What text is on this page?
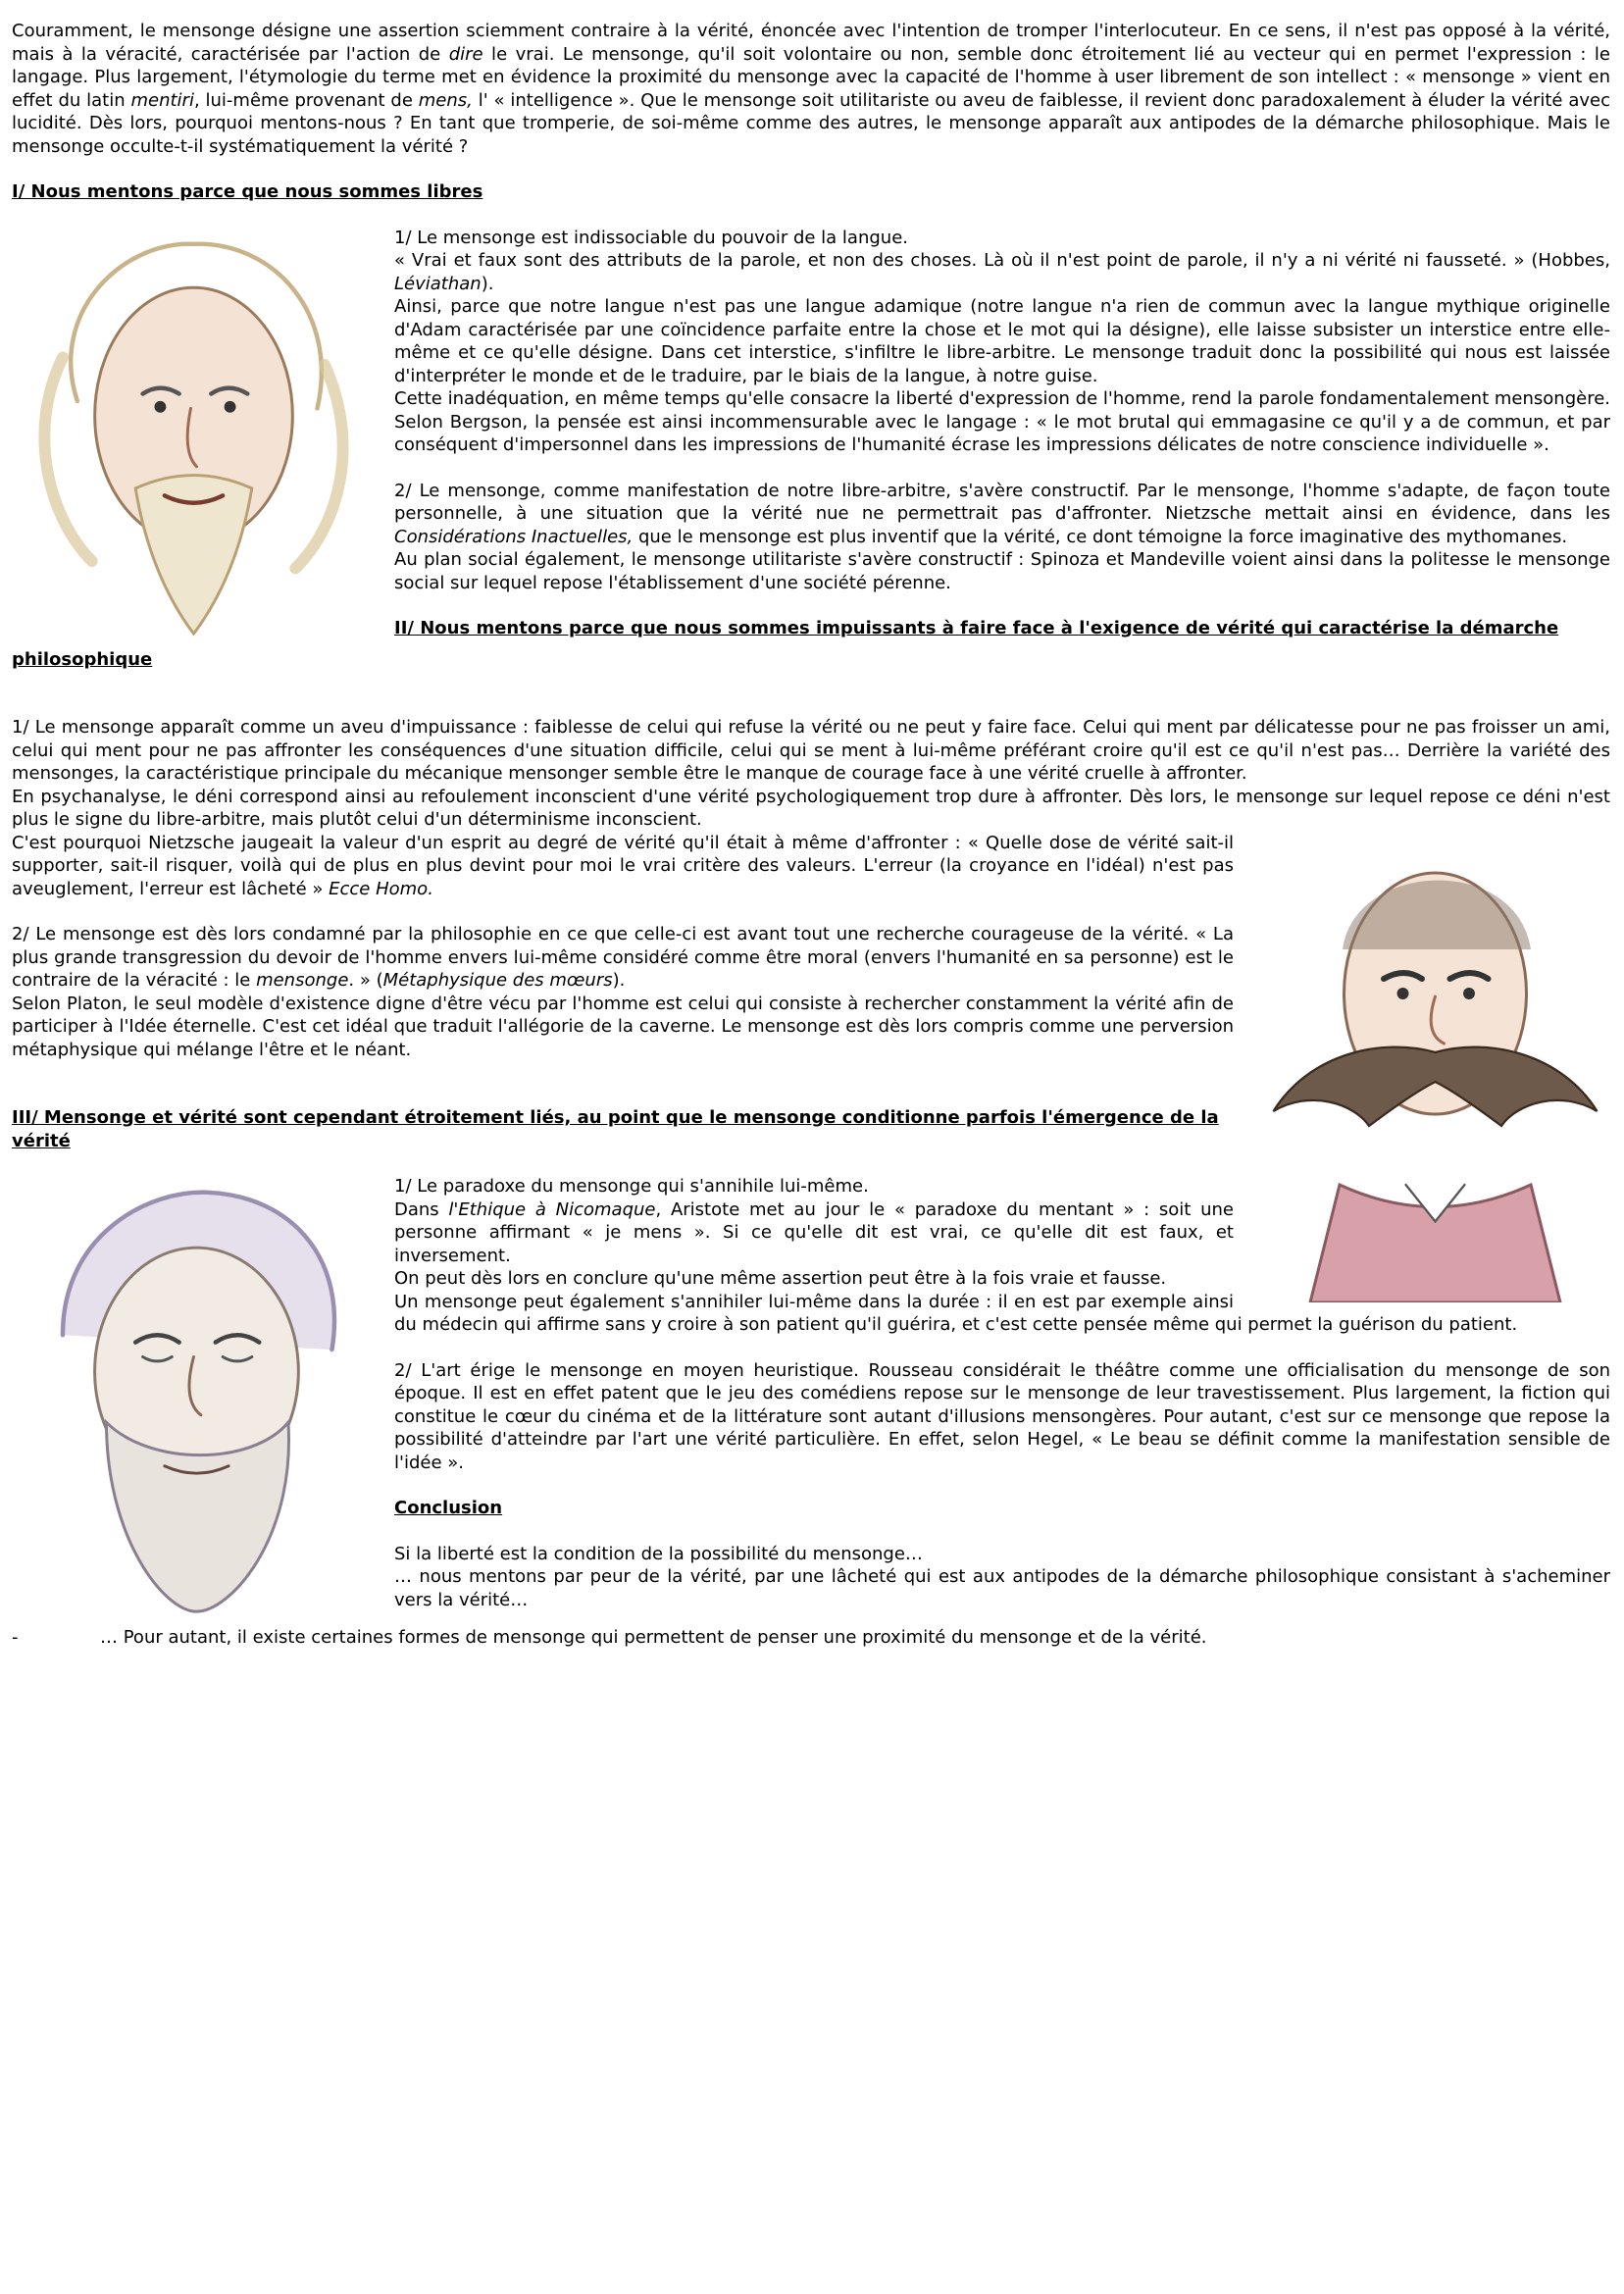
Couramment, le mensonge désigne une assertion sciemment contraire à la vérité, énoncée avec l'intention de tromper l'interlocuteur. En ce sens, il n'est pas opposé à la vérité, mais à la véracité, caractérisée par l'action de dire le vrai. Le mensonge, qu'il soit volontaire ou non, semble donc étroitement lié au vecteur qui en permet l'expression : le langage. Plus largement, l'étymologie du terme met en évidence la proximité du mensonge avec la capacité de l'homme à user librement de son intellect : « mensonge » vient en effet du latin mentiri, lui-même provenant de mens, l' « intelligence ». Que le mensonge soit utilitariste ou aveu de faiblesse, il revient donc paradoxalement à éluder la vérité avec lucidité. Dès lors, pourquoi mentons-nous ? En tant que tromperie, de soi-même comme des autres, le mensonge apparaît aux antipodes de la démarche philosophique. Mais le mensonge occulte-t-il systématiquement la vérité ?

I/ Nous mentons parce que nous sommes libres

1/ Le mensonge est indissociable du pouvoir de la langue.

« Vrai et faux sont des attributs de la parole, et non des choses. Là où il n'est point de parole, il n'y a ni vérité ni fausseté. » (Hobbes, Léviathan).

Ainsi, parce que notre langue n'est pas une langue adamique (notre langue n'a rien de commun avec la langue mythique originelle d'Adam caractérisée par une coïncidence parfaite entre la chose et le mot qui la désigne), elle laisse subsister un interstice entre elle-même et ce qu'elle désigne. Dans cet interstice, s'infiltre le libre-arbitre. Le mensonge traduit donc la possibilité qui nous est laissée d'interpréter le monde et de le traduire, par le biais de la langue, à notre guise.

Cette inadéquation, en même temps qu'elle consacre la liberté d'expression de l'homme, rend la parole fondamentalement mensongère. Selon Bergson, la pensée est ainsi incommensurable avec le langage : « le mot brutal qui emmagasine ce qu'il y a de commun, et par conséquent d'impersonnel dans les impressions de l'humanité écrase les impressions délicates de notre conscience individuelle ».

2/ Le mensonge, comme manifestation de notre libre-arbitre, s'avère constructif. Par le mensonge, l'homme s'adapte, de façon toute personnelle, à une situation que la vérité nue ne permettrait pas d'affronter. Nietzsche mettait ainsi en évidence, dans les Considérations Inactuelles, que le mensonge est plus inventif que la vérité, ce dont témoigne la force imaginative des mythomanes.

Au plan social également, le mensonge utilitariste s'avère constructif : Spinoza et Mandeville voient ainsi dans la politesse le mensonge social sur lequel repose l'établissement d'une société pérenne.

II/ Nous mentons parce que nous sommes impuissants à faire face à l'exigence de vérité qui caractérise la démarche

philosophique

1/ Le mensonge apparaît comme un aveu d'impuissance : faiblesse de celui qui refuse la vérité ou ne peut y faire face. Celui qui ment par délicatesse pour ne pas froisser un ami, celui qui ment pour ne pas affronter les conséquences d'une situation difficile, celui qui se ment à lui-même préférant croire qu'il est ce qu'il n'est pas… Derrière la variété des mensonges, la caractéristique principale du mécanique mensonger semble être le manque de courage face à une vérité cruelle à affronter.

En psychanalyse, le déni correspond ainsi au refoulement inconscient d'une vérité psychologiquement trop dure à affronter. Dès lors, le mensonge sur lequel repose ce déni n'est plus le signe du libre-arbitre, mais plutôt celui d'un déterminisme inconscient.

C'est pourquoi Nietzsche jaugeait la valeur d'un esprit au degré de vérité qu'il était à même d'affronter : « Quelle dose de vérité sait-il supporter, sait-il risquer, voilà qui de plus en plus devint pour moi le vrai critère des valeurs. L'erreur (la croyance en l'idéal) n'est pas aveuglement, l'erreur est lâcheté » Ecce Homo.

2/ Le mensonge est dès lors condamné par la philosophie en ce que celle-ci est avant tout une recherche courageuse de la vérité. « La plus grande transgression du devoir de l'homme envers lui-même considéré comme être moral (envers l'humanité en sa personne) est le contraire de la véracité : le mensonge. » (Métaphysique des mœurs).

Selon Platon, le seul modèle d'existence digne d'être vécu par l'homme est celui qui consiste à rechercher constamment la vérité afin de participer à l'Idée éternelle. C'est cet idéal que traduit l'allégorie de la caverne. Le mensonge est dès lors compris comme une perversion métaphysique qui mélange l'être et le néant.

III/ Mensonge et vérité sont cependant étroitement liés, au point que le mensonge conditionne parfois l'émergence de la vérité

1/ Le paradoxe du mensonge qui s'annihile lui-même.

Dans l'Ethique à Nicomaque, Aristote met au jour le « paradoxe du mentant » : soit une personne affirmant « je mens ». Si ce qu'elle dit est vrai, ce qu'elle dit est faux, et inversement.

On peut dès lors en conclure qu'une même assertion peut être à la fois vraie et fausse.

Un mensonge peut également s'annihiler lui-même dans la durée : il en est par exemple ainsi du médecin qui affirme sans y croire à son patient qu'il guérira, et c'est cette pensée même qui permet la guérison du patient.

2/ L'art érige le mensonge en moyen heuristique. Rousseau considérait le théâtre comme une officialisation du mensonge de son époque. Il est en effet patent que le jeu des comédiens repose sur le mensonge de leur travestissement. Plus largement, la fiction qui constitue le cœur du cinéma et de la littérature sont autant d'illusions mensongères. Pour autant, c'est sur ce mensonge que repose la possibilité d'atteindre par l'art une vérité particulière. En effet, selon Hegel, « Le beau se définit comme la manifestation sensible de l'idée ».

Conclusion

Si la liberté est la condition de la possibilité du mensonge…

… nous mentons par peur de la vérité, par une lâcheté qui est aux antipodes de la démarche philosophique consistant à s'acheminer vers la vérité…

-	… Pour autant, il existe certaines formes de mensonge qui permettent de penser une proximité du mensonge et de la vérité.
